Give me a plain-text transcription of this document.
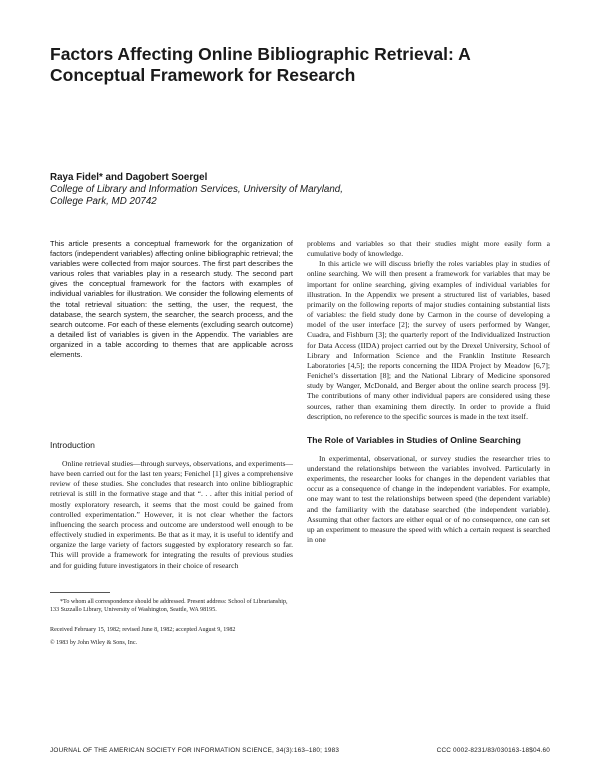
Factors Affecting Online Bibliographic Retrieval: A Conceptual Framework for Research
Raya Fidel* and Dagobert Soergel
College of Library and Information Services, University of Maryland,
College Park, MD 20742
This article presents a conceptual framework for the organization of factors (independent variables) affecting online bibliographic retrieval; the variables were collected from major sources. The first part describes the various roles that variables play in a research study. The second part gives the conceptual framework for the factors with examples of individual variables for illustration. We consider the following elements of the total retrieval situation: the setting, the user, the request, the database, the search system, the searcher, the search process, and the search outcome. For each of these elements (excluding search outcome) a detailed list of variables is given in the Appendix. The variables are organized in a table according to themes that are applicable across elements.

Introduction

Online retrieval studies—through surveys, observations, and experiments—have been carried out for the last ten years; Fenichel [1] gives a comprehensive review of these studies. She concludes that research into online bibliographic retrieval is still in the formative stage and that “. . . after this initial period of mostly exploratory research, it seems that the most could be gained from controlled experimentation.” However, it is not clear whether the factors influencing the search process and outcome are understood well enough to be effectively studied in experiments. Be that as it may, it is useful to identify and organize the large variety of factors suggested by exploratory research so far. This will provide a framework for integrating the results of previous studies and for guiding future investigators in their choice of research

*To whom all correspondence should be addressed. Present address: School of Librarianship, 133 Suzzallo Library, University of Washington, Seattle, WA 98195.

Received February 15, 1982; revised June 8, 1982; accepted August 9, 1982

© 1983 by John Wiley & Sons, Inc.

problems and variables so that their studies might more easily form a cumulative body of knowledge.

In this article we will discuss briefly the roles variables play in studies of online searching. We will then present a framework for variables that may be important for online searching, giving examples of individual variables for illustration. In the Appendix we present a structured list of variables, based primarily on the following reports of major studies containing substantial lists of variables: the field study done by Carmon in the course of developing a model of the user interface [2]; the survey of users performed by Wanger, Cuadra, and Fishburn [3]; the quarterly report of the Individualized Instruction for Data Access (IIDA) project carried out by the Drexel University, School of Library and Information Science and the Franklin Institute Research Laboratories [4,5]; the reports concerning the IIDA Project by Meadow [6,7]; Fenichel’s dissertation [8]; and the National Library of Medicine sponsored study by Wanger, McDonald, and Berger about the online search process [9]. The contributions of many other individual papers are considered using these sources, rather than examining them directly. In order to provide a fluid description, no reference to the specific sources is made in the text itself.

The Role of Variables in Studies of Online Searching

In experimental, observational, or survey studies the researcher tries to understand the relationships between the variables involved. Particularly in experiments, the researcher looks for changes in the dependent variables that occur as a consequence of change in the independent variables. For example, one may want to test the relationships between speed (the dependent variable) and the familiarity with the database searched (the independent variable). Assuming that other factors are either equal or of no consequence, one can set up an experiment to measure the speed with which a certain request is searched in one

JOURNAL OF THE AMERICAN SOCIETY FOR INFORMATION SCIENCE, 34(3):163–180; 1983	CCC 0002-8231/83/030163-18$04.60
